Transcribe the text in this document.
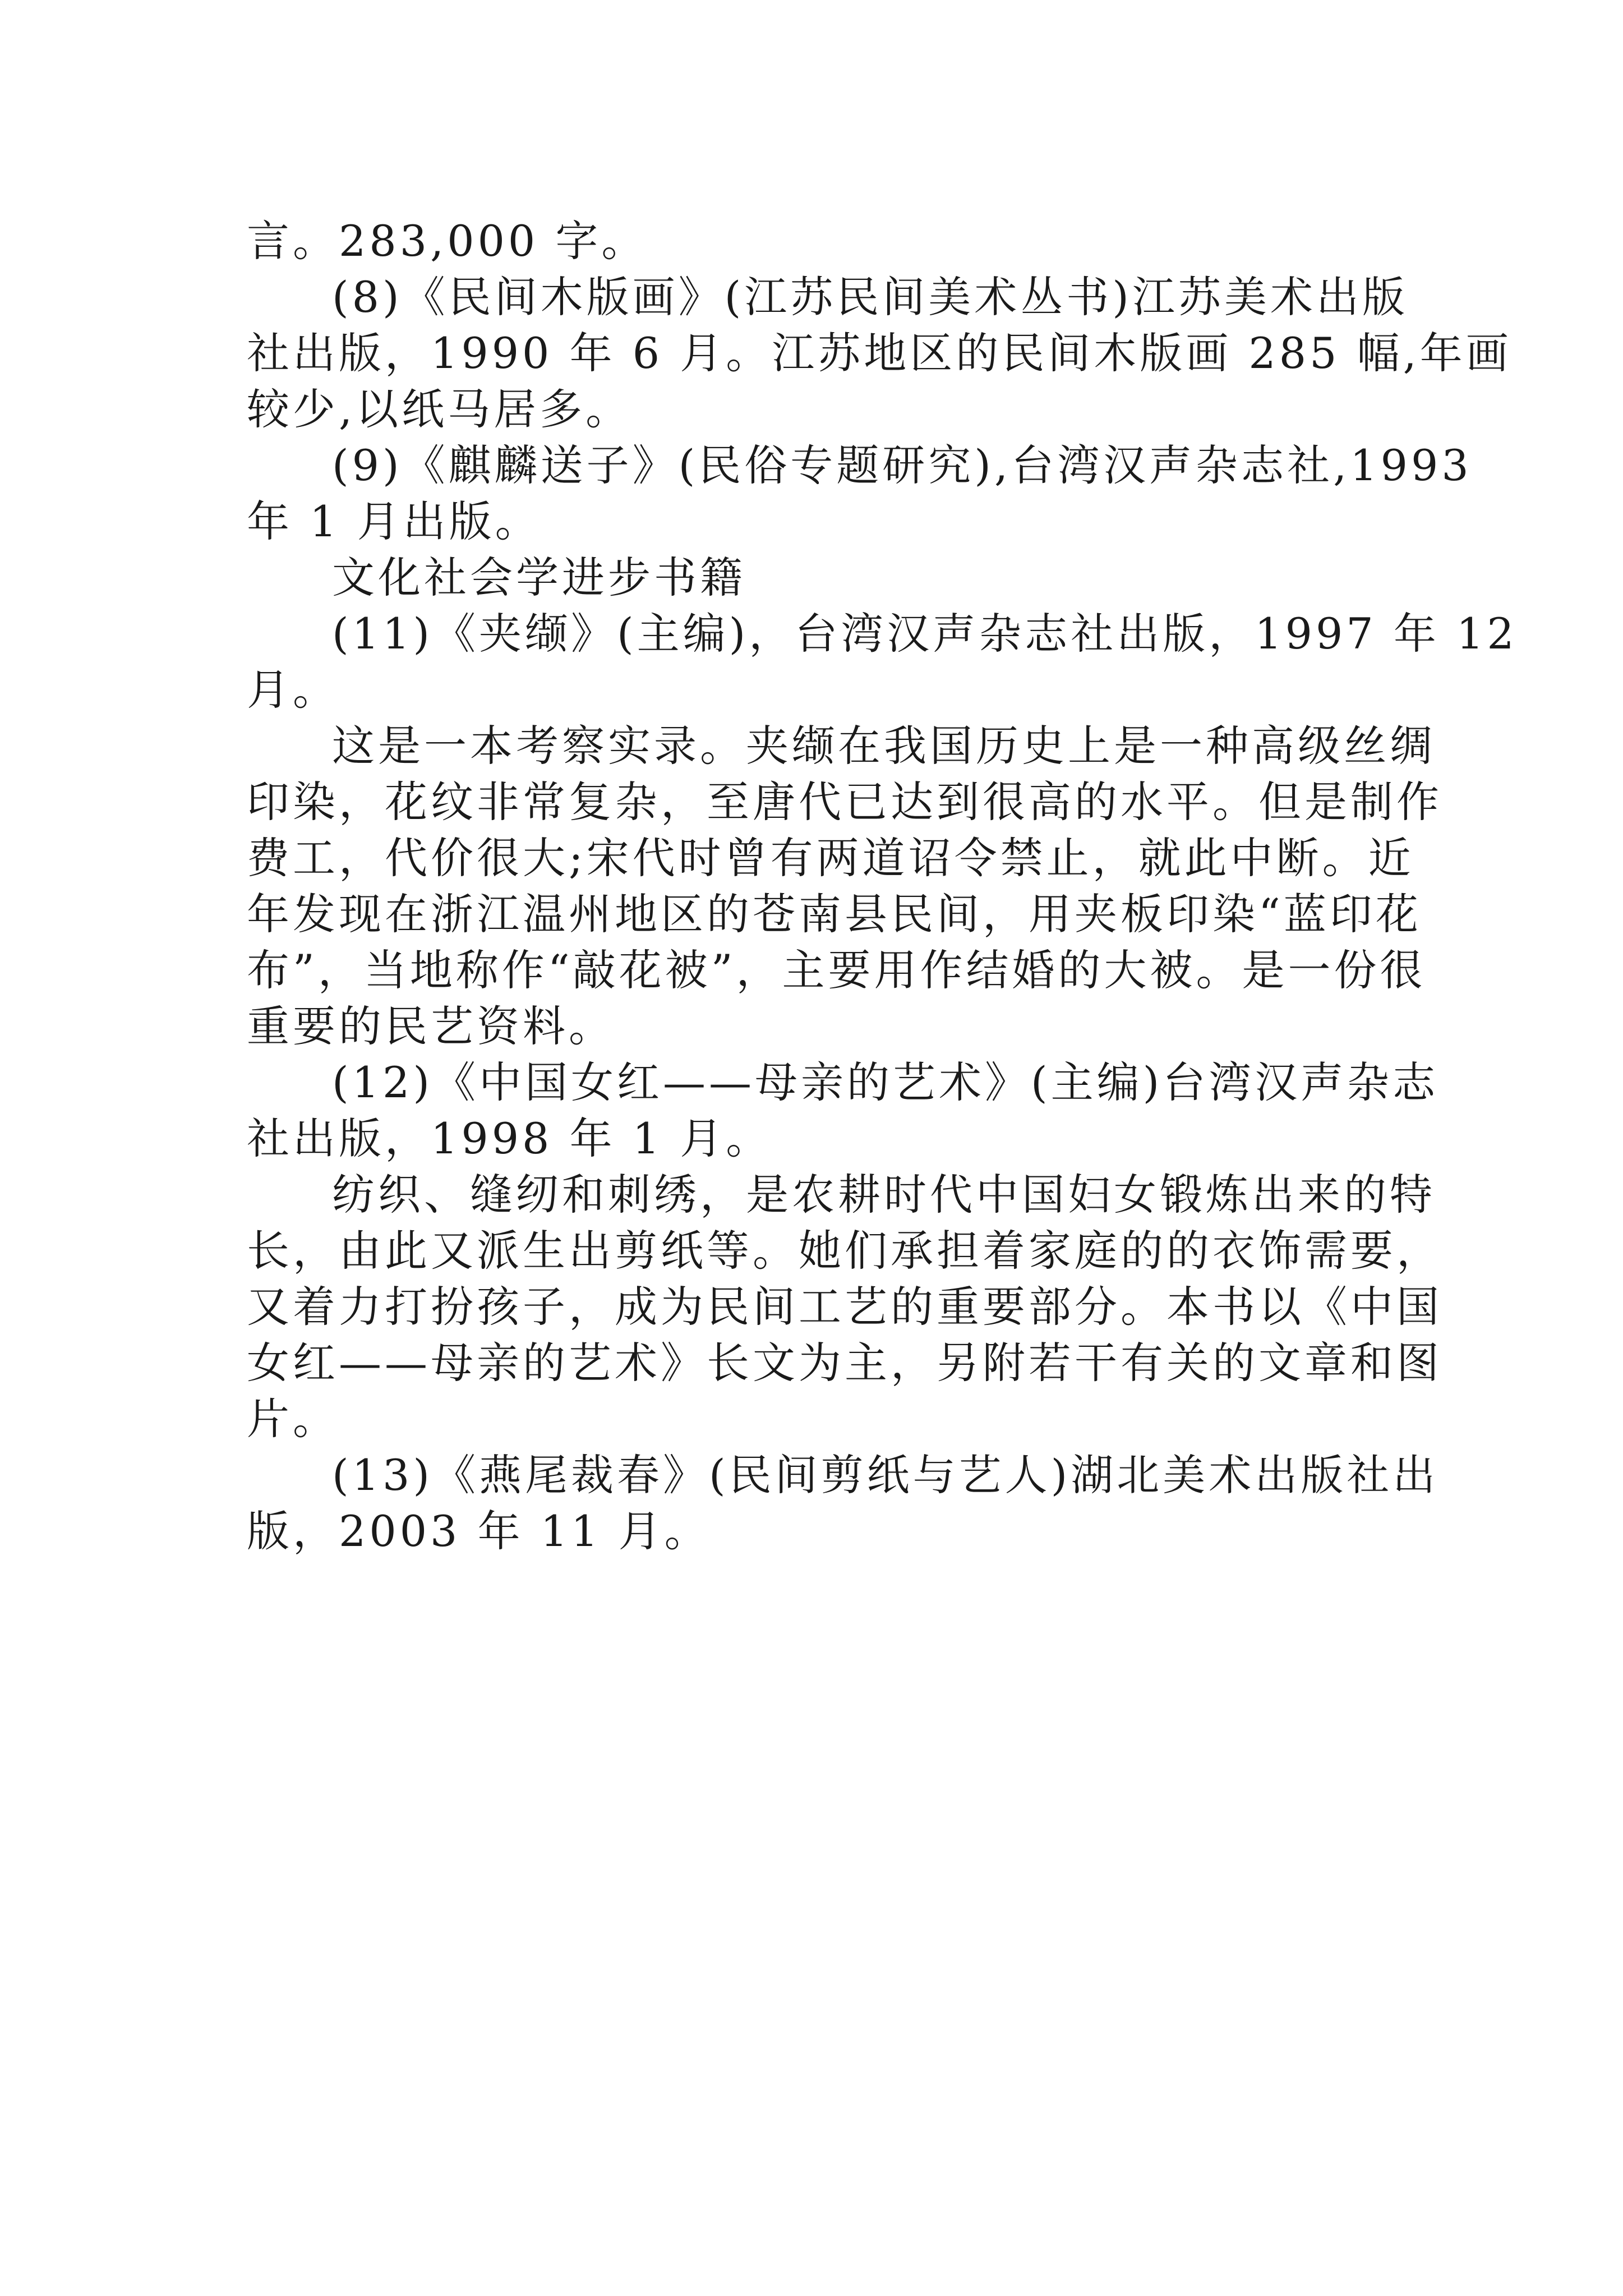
言。283,000 字。

(8)《民间木版画》(江苏民间美术丛书)江苏美术出版
社出版，1990 年 6 月。江苏地区的民间木版画 285 幅,年画
较少,以纸马居多。

(9)《麒麟送子》(民俗专题研究),台湾汉声杂志社,1993
年 1 月出版。

文化社会学进步书籍

(11)《夹缬》(主编)，台湾汉声杂志社出版，1997 年 12
月。

这是一本考察实录。夹缬在我国历史上是一种高级丝绸
印染，花纹非常复杂，至唐代已达到很高的水平。但是制作
费工，代价很大;宋代时曾有两道诏令禁止，就此中断。近
年发现在浙江温州地区的苍南县民间，用夹板印染“蓝印花
布”，当地称作“敲花被”，主要用作结婚的大被。是一份很
重要的民艺资料。

(12)《中国女红——母亲的艺术》(主编)台湾汉声杂志
社出版，1998 年 1 月。

纺织、缝纫和刺绣，是农耕时代中国妇女锻炼出来的特
长，由此又派生出剪纸等。她们承担着家庭的的衣饰需要，
又着力打扮孩子，成为民间工艺的重要部分。本书以《中国
女红——母亲的艺术》长文为主，另附若干有关的文章和图
片。

(13)《燕尾裁春》(民间剪纸与艺人)湖北美术出版社出
版，2003 年 11 月。
